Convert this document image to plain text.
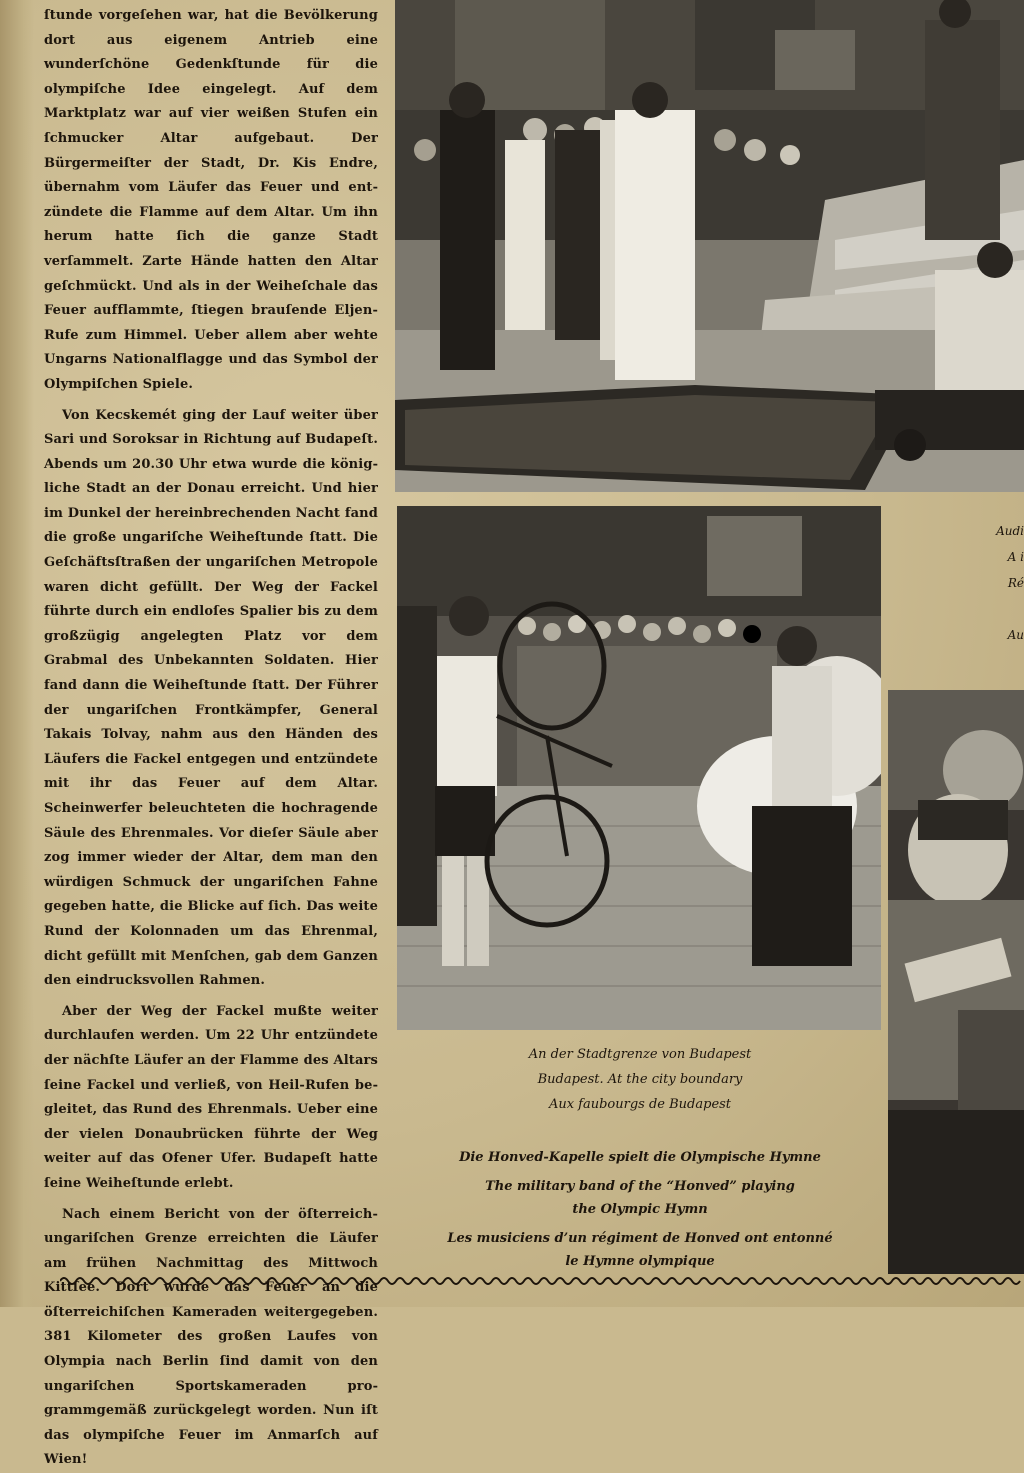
ſtunde vorgeſehen war, hat die Bevölkerung dort aus eigenem Antrieb eine wunderſchöne Gedenkſtunde für die olympiſche Idee eingelegt. Auf dem Marktplatz war auf vier weißen Stufen ein ſchmucker Altar aufgebaut. Der Bürgermeiſter der Stadt, Dr. Kis Endre, übernahm vom Läufer das Feuer und entzündete die Flamme auf dem Altar. Um ihn herum hatte ſich die ganze Stadt verſammelt. Zarte Hände hatten den Altar geſchmückt. Und als in der Weiheſchale das Feuer aufflammte, ſtiegen brauſende Eljen-Rufe zum Himmel. Ueber allem aber wehte Ungarns Nationalflagge und das Symbol der Olympiſchen Spiele.

Von Kecskemét ging der Lauf weiter über Sari und Soroksar in Richtung auf Budapeſt. Abends um 20.30 Uhr etwa wurde die königliche Stadt an der Donau erreicht. Und hier im Dunkel der hereinbrechenden Nacht fand die große ungariſche Weiheſtunde ſtatt. Die Geſchäftsſtraßen der ungariſchen Metropole waren dicht gefüllt. Der Weg der Fackel führte durch ein endloſes Spalier bis zu dem großzügig angelegten Platz vor dem Grabmal des Unbekannten Soldaten. Hier fand dann die Weiheſtunde ſtatt. Der Führer der ungariſchen Frontkämpfer, General Takais Tolvay, nahm aus den Händen des Läufers die Fackel entgegen und entzündete mit ihr das Feuer auf dem Altar. Scheinwerfer beleuchteten die hochragende Säule des Ehrenmales. Vor dieſer Säule aber zog immer wieder der Altar, dem man den würdigen Schmuck der ungariſchen Fahne gegeben hatte, die Blicke auf ſich. Das weite Rund der Kolonnaden um das Ehrenmal, dicht gefüllt mit Menſchen, gab dem Ganzen den eindrucksvollen Rahmen.

Aber der Weg der Fackel mußte weiter durchlaufen werden. Um 22 Uhr entzündete der nächſte Läufer an der Flamme des Altars ſeine Fackel und verließ, von Heil-Rufen begleitet, das Rund des Ehrenmals. Ueber eine der vielen Donaubrücken führte der Weg weiter auf das Ofener Ufer. Budapeſt hatte ſeine Weiheſtunde erlebt.

Nach einem Bericht von der öſterreich-ungariſchen Grenze erreichten die Läufer am frühen Nachmittag des Mittwoch Kittſee. Dort wurde das Feuer an die öſterreichiſchen Kameraden weitergegeben. 381 Kilometer des großen Laufes von Olympia nach Berlin ſind damit von den ungariſchen Sportskameraden programmgemäß zurückgelegt worden. Nun iſt das olympiſche Feuer im Anmarſch auf Wien!

An der Stadtgrenze von Budapest
Budapest. At the city boundary
Aux faubourgs de Budapest
Die Honved-Kapelle spielt die Olympische Hymne
The military band of the “Honved” playing
the Olympic Hymn
Les musiciens d’un régiment de Honved ont entonné
le Hymne olympique
Audi
A i
Ré

Au
